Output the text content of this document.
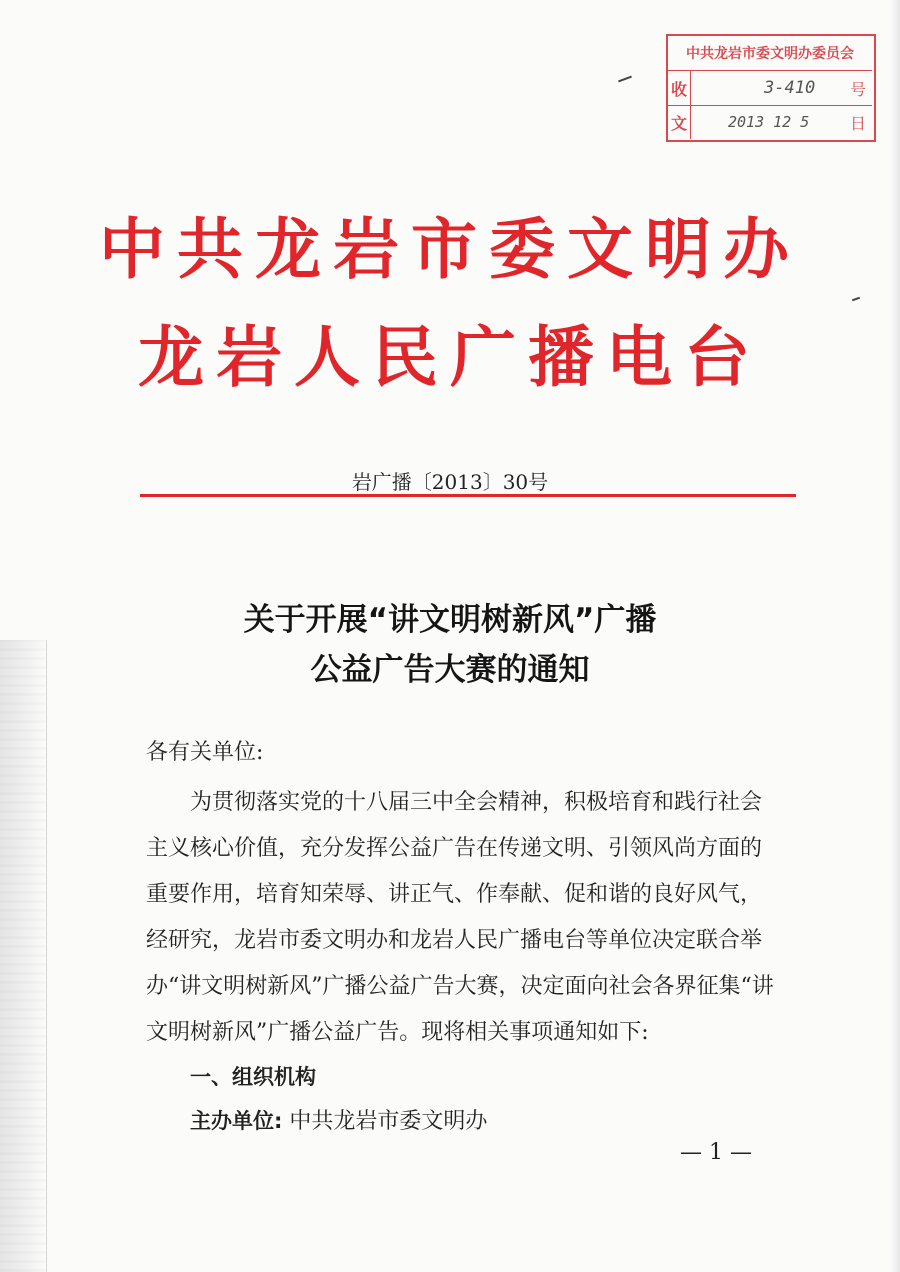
中共龙岩市委文明办委员会
收	3-410 号
文	2013 12 5	日
中共龙岩市委文明办
龙岩人民广播电台
岩广播〔2013〕30号
关于开展“讲文明树新风”广播
公益广告大赛的通知
各有关单位:
为贯彻落实党的十八届三中全会精神，积极培育和践行社会
主义核心价值，充分发挥公益广告在传递文明、引领风尚方面的
重要作用，培育知荣辱、讲正气、作奉献、促和谐的良好风气，
经研究，龙岩市委文明办和龙岩人民广播电台等单位决定联合举
办“讲文明树新风”广播公益广告大赛，决定面向社会各界征集“讲
文明树新风”广播公益广告。现将相关事项通知如下:
一、组织机构
主办单位: 中共龙岩市委文明办
— 1 —
